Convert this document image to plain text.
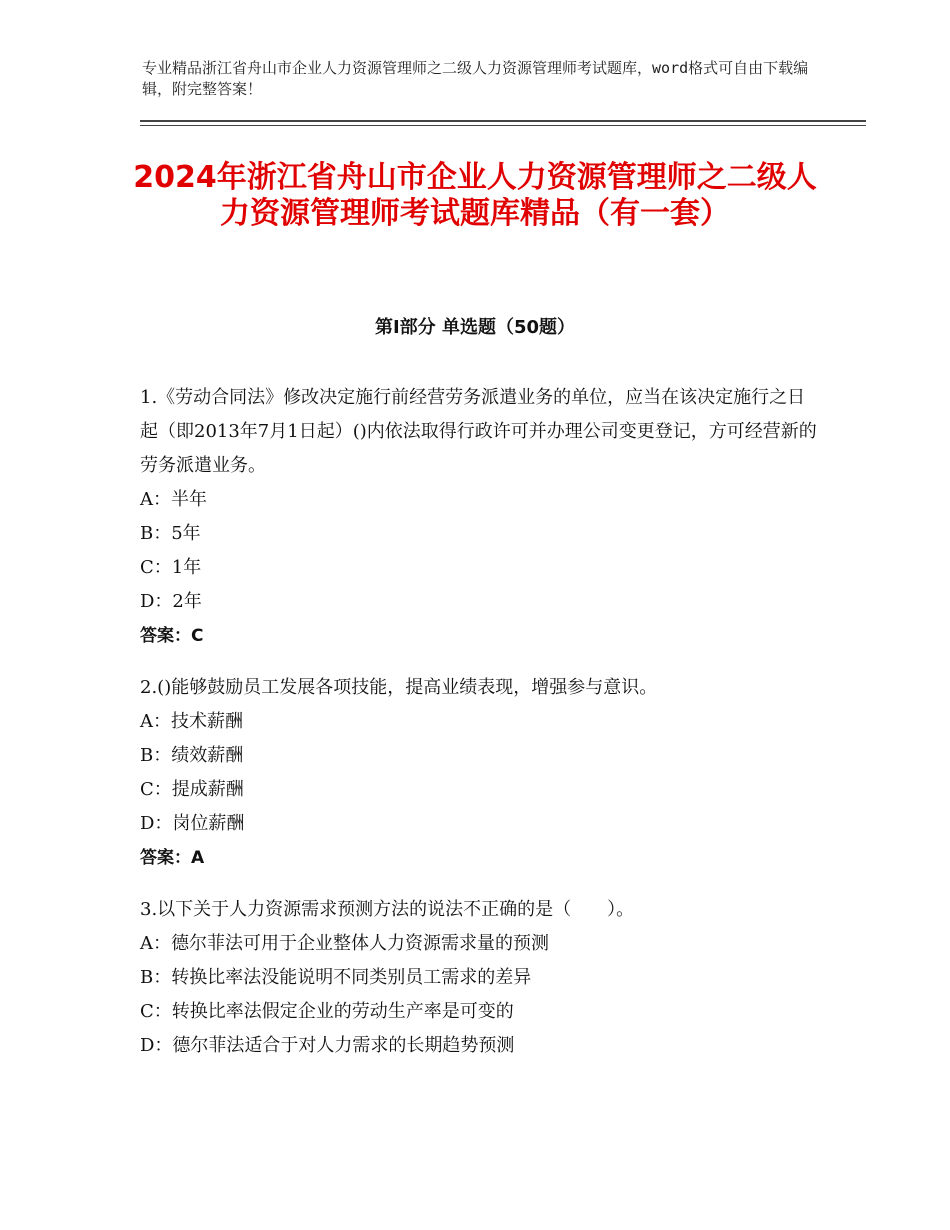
专业精品浙江省舟山市企业人力资源管理师之二级人力资源管理师考试题库，word格式可自由下载编辑，附完整答案！
2024年浙江省舟山市企业人力资源管理师之二级人力资源管理师考试题库精品（有一套）
第Ⅰ部分 单选题（50题）

1.《劳动合同法》修改决定施行前经营劳务派遣业务的单位，应当在该决定施行之日起（即2013年7月1日起）()内依法取得行政许可并办理公司变更登记，方可经营新的劳务派遣业务。

A：半年

B：5年

C：1年

D：2年

答案：C

2.()能够鼓励员工发展各项技能，提高业绩表现，增强参与意识。

A：技术薪酬

B：绩效薪酬

C：提成薪酬

D：岗位薪酬

答案：A

3.以下关于人力资源需求预测方法的说法不正确的是（　　）。

A：德尔菲法可用于企业整体人力资源需求量的预测

B：转换比率法没能说明不同类别员工需求的差异

C：转换比率法假定企业的劳动生产率是可变的

D：德尔菲法适合于对人力需求的长期趋势预测
